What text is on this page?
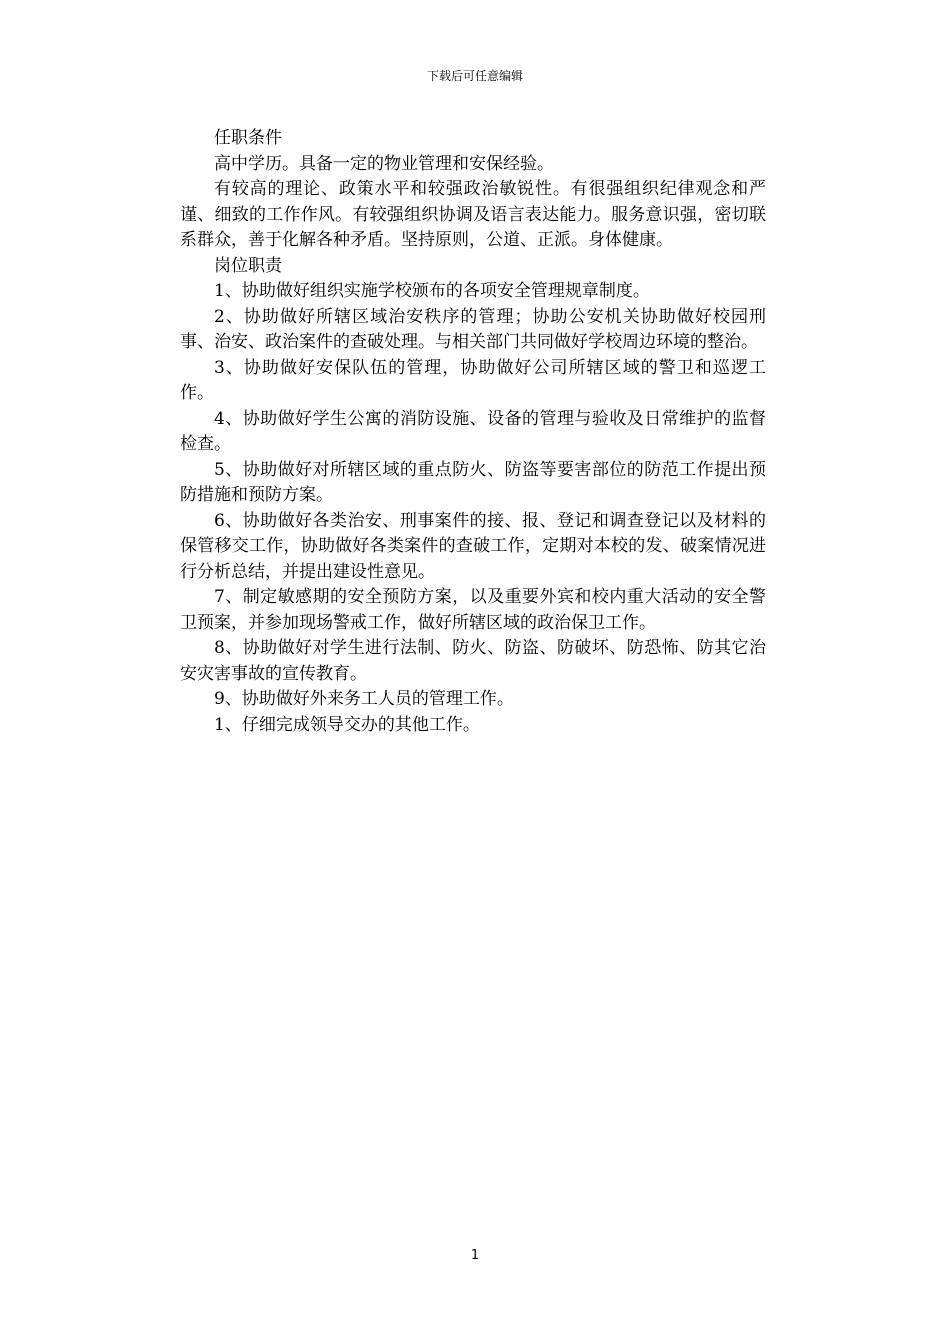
下载后可任意编辑

任职条件

高中学历。具备一定的物业管理和安保经验。

有较高的理论、政策水平和较强政治敏锐性。有很强组织纪律观念和严谨、细致的工作作风。有较强组织协调及语言表达能力。服务意识强，密切联系群众，善于化解各种矛盾。坚持原则，公道、正派。身体健康。

岗位职责

1、协助做好组织实施学校颁布的各项安全管理规章制度。

2、协助做好所辖区域治安秩序的管理；协助公安机关协助做好校园刑事、治安、政治案件的查破处理。与相关部门共同做好学校周边环境的整治。

3、协助做好安保队伍的管理，协助做好公司所辖区域的警卫和巡逻工作。

4、协助做好学生公寓的消防设施、设备的管理与验收及日常维护的监督检查。

5、协助做好对所辖区域的重点防火、防盗等要害部位的防范工作提出预防措施和预防方案。

6、协助做好各类治安、刑事案件的接、报、登记和调查登记以及材料的保管移交工作，协助做好各类案件的查破工作，定期对本校的发、破案情况进行分析总结，并提出建设性意见。

7、制定敏感期的安全预防方案，以及重要外宾和校内重大活动的安全警卫预案，并参加现场警戒工作，做好所辖区域的政治保卫工作。

8、协助做好对学生进行法制、防火、防盗、防破坏、防恐怖、防其它治安灾害事故的宣传教育。

9、协助做好外来务工人员的管理工作。

1、仔细完成领导交办的其他工作。

1
